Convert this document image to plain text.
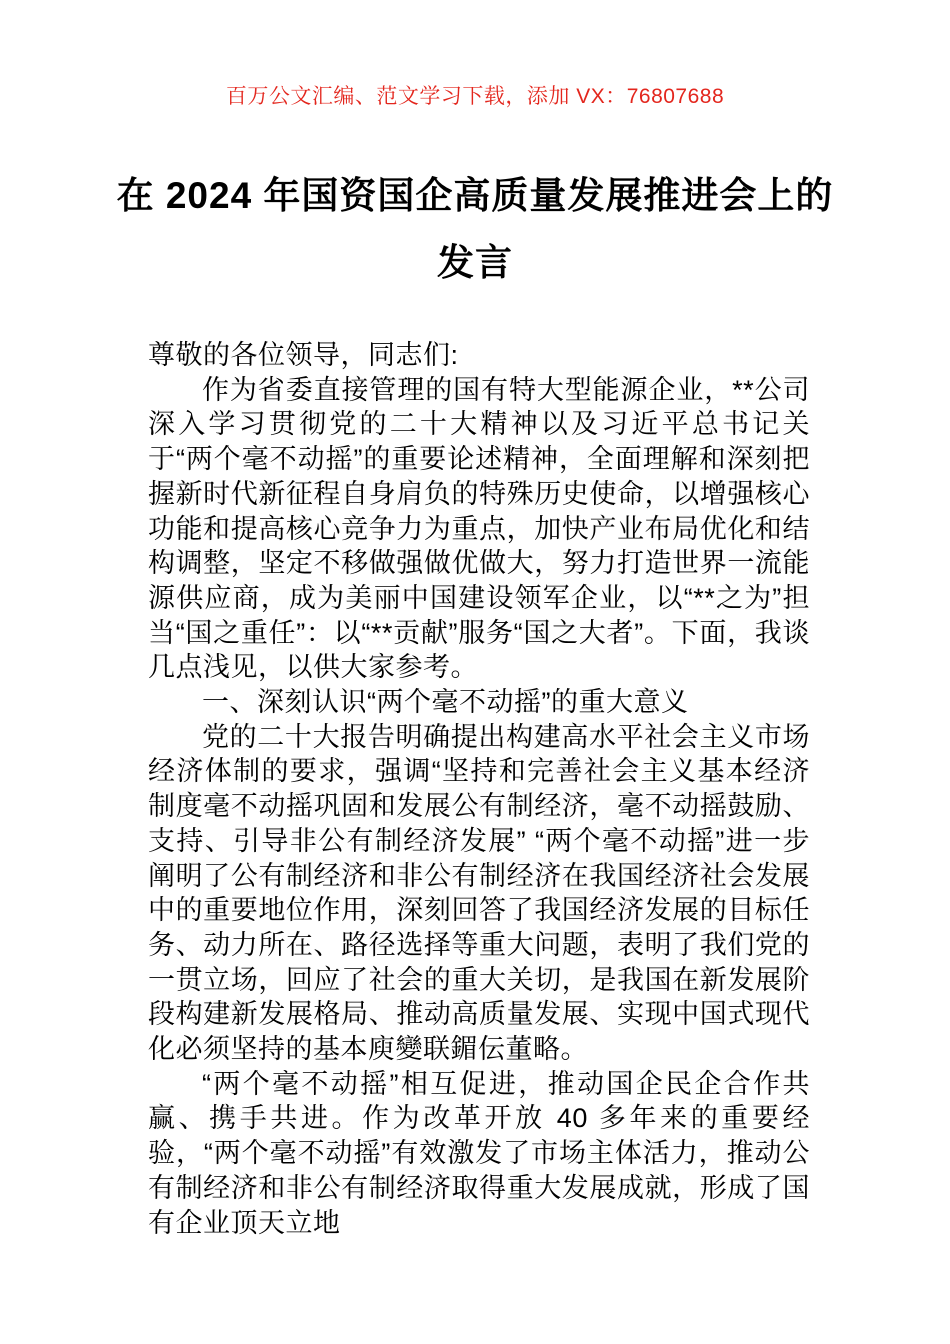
百万公文汇编、范文学习下载，添加 VX：76807688
在 2024 年国资国企高质量发展推进会上的
发言

尊敬的各位领导，同志们:

作为省委直接管理的国有特大型能源企业，**公司深入学习贯彻党的二十大精神以及习近平总书记关于“两个毫不动摇”的重要论述精神，全面理解和深刻把握新时代新征程自身肩负的特殊历史使命，以增强核心功能和提高核心竞争力为重点，加快产业布局优化和结构调整，坚定不移做强做优做大，努力打造世界一流能源供应商，成为美丽中国建设领军企业，以“**之为”担当“国之重任”：以“**贡献”服务“国之大者”。下面，我谈几点浅见，以供大家参考。

一、深刻认识“两个毫不动摇”的重大意义

党的二十大报告明确提出构建高水平社会主义市场经济体制的要求，强调“坚持和完善社会主义基本经济制度毫不动摇巩固和发展公有制经济，毫不动摇鼓励、支持、引导非公有制经济发展” “两个毫不动摇”进一步阐明了公有制经济和非公有制经济在我国经济社会发展中的重要地位作用，深刻回答了我国经济发展的目标任务、动力所在、路径选择等重大问题，表明了我们党的一贯立场，回应了社会的重大关切，是我国在新发展阶段构建新发展格局、推动高质量发展、实现中国式现代化必须坚持的基本庾變联鎇伝董略。

“两个毫不动摇”相互促进，推动国企民企合作共赢、携手共进。作为改革开放 40 多年来的重要经验，“两个毫不动摇”有效激发了市场主体活力，推动公有制经济和非公有制经济取得重大发展成就，形成了国有企业顶天立地
